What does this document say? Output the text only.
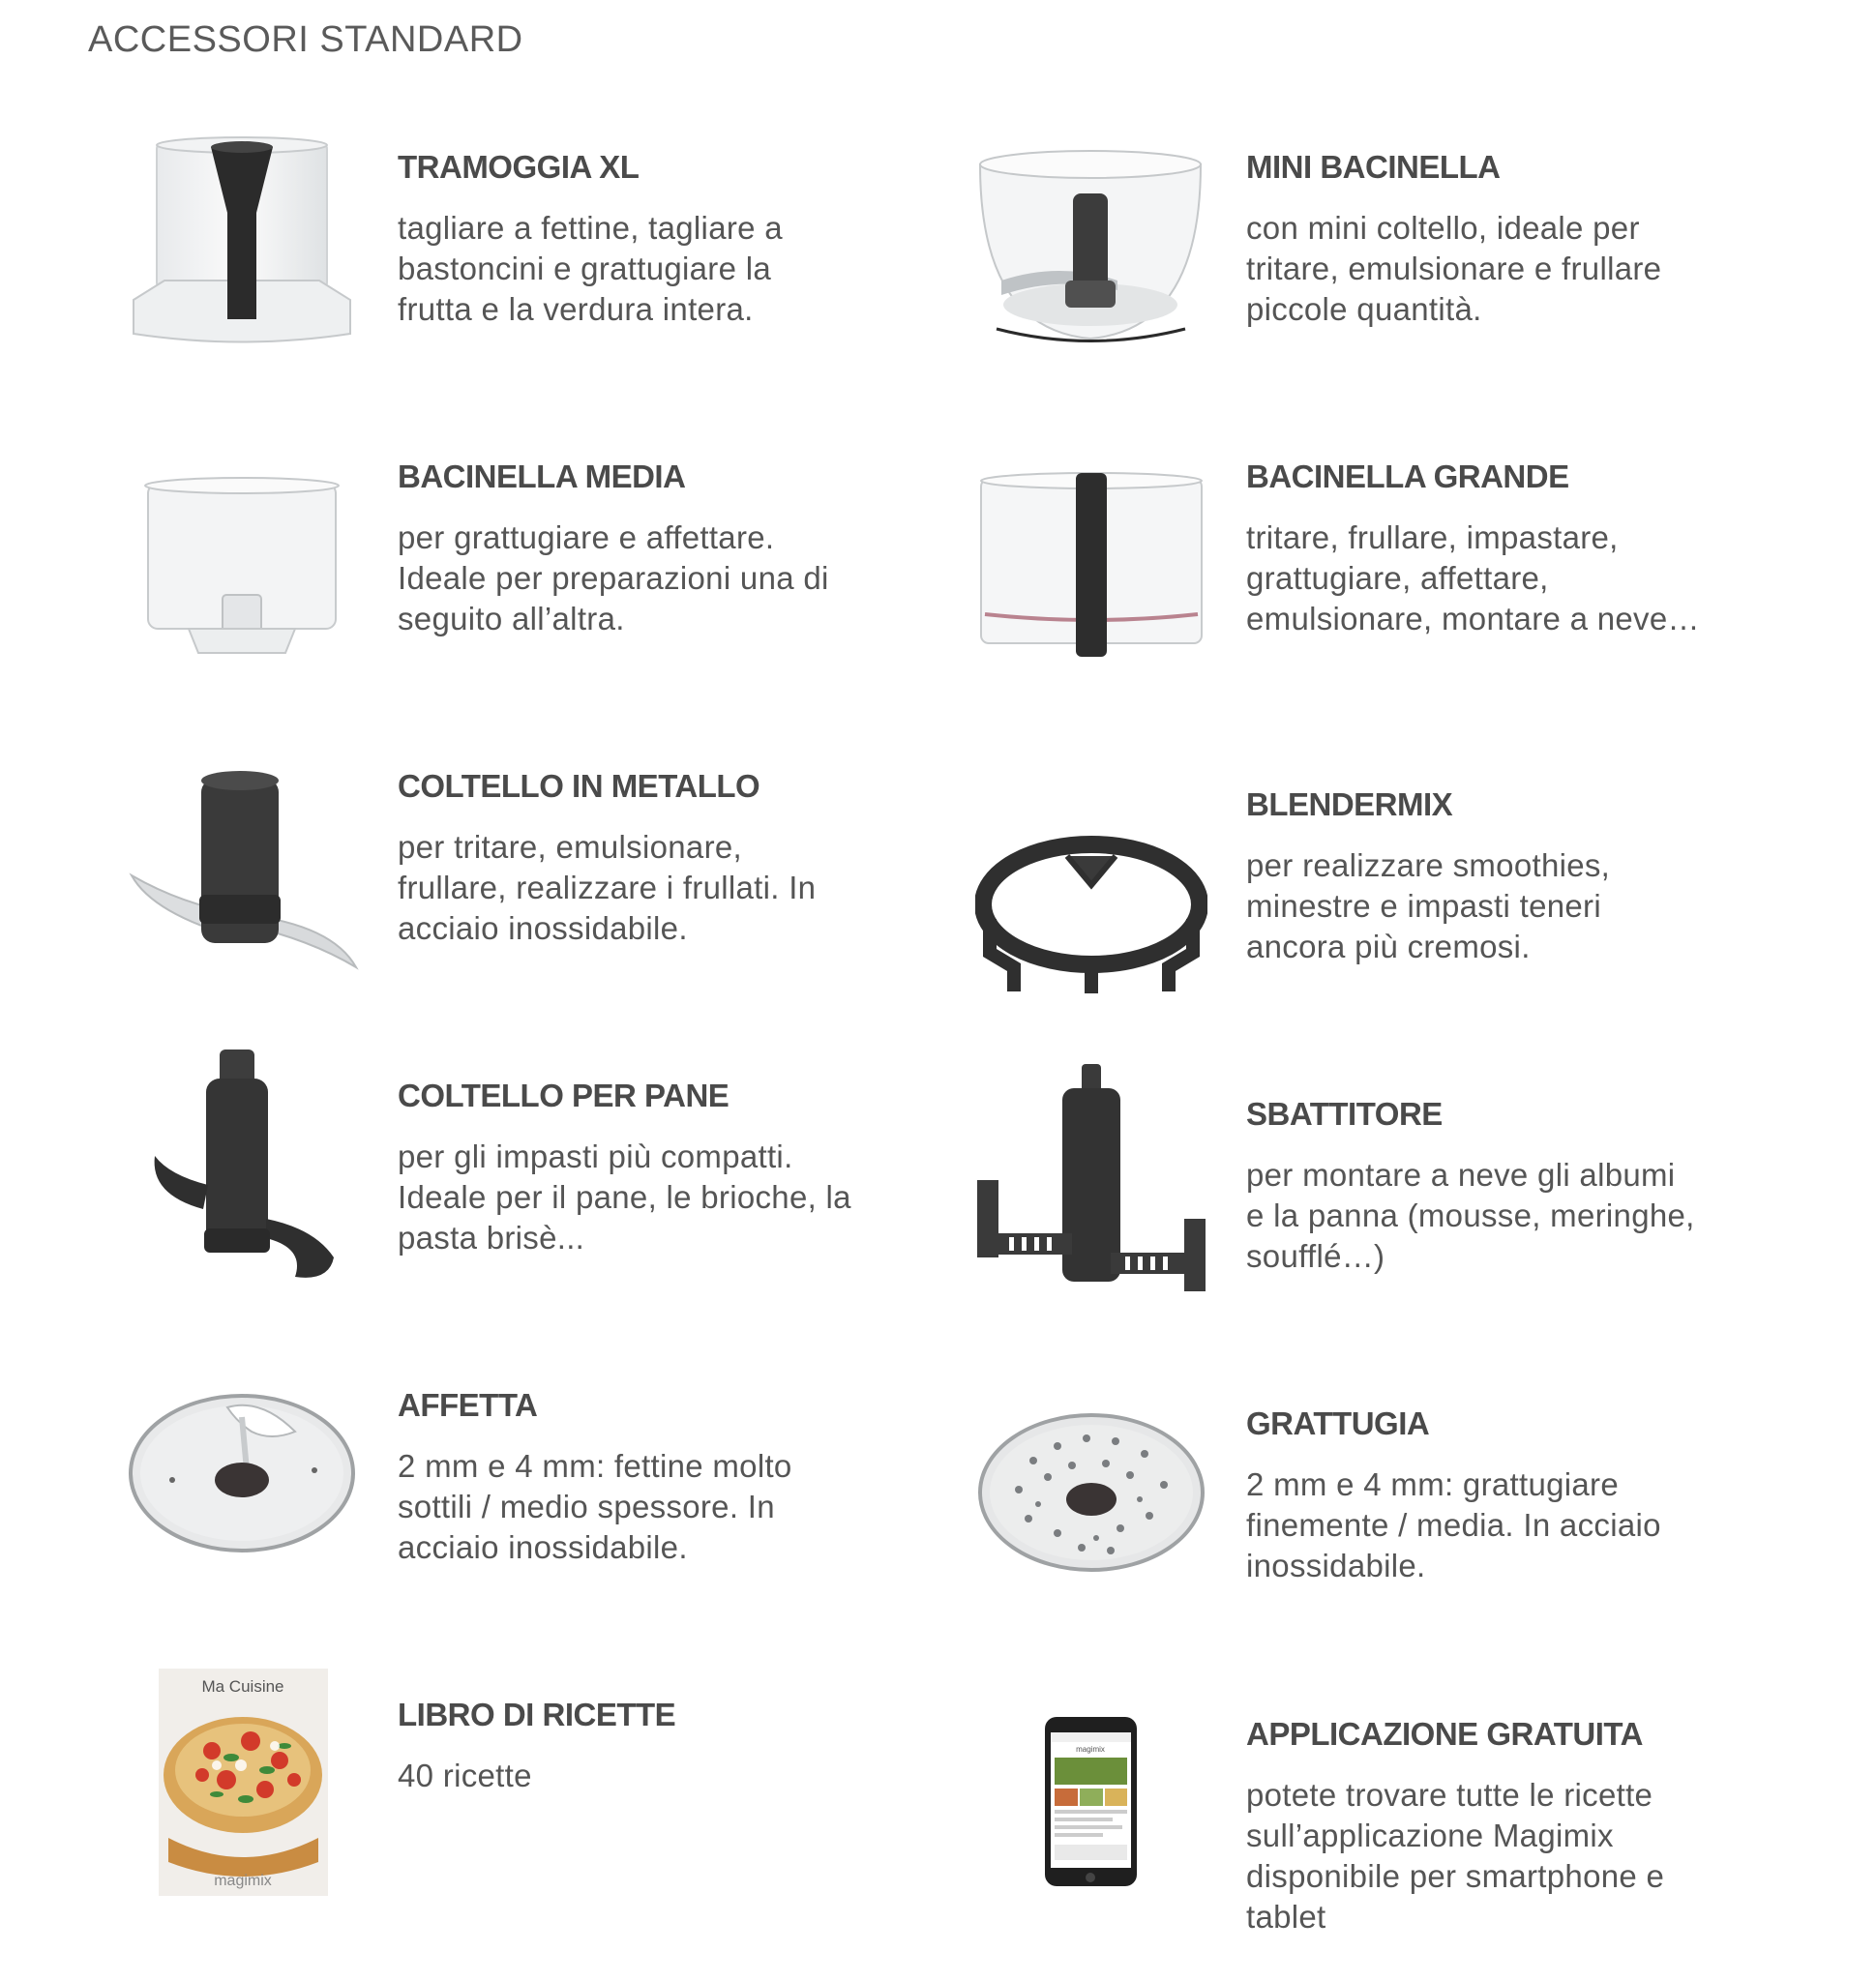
ACCESSORI STANDARD
TRAMOGGIA XL

tagliare a fettine, tagliare a bastoncini e grattugiare la frutta e la verdura intera.

MINI BACINELLA

con mini coltello, ideale per tritare, emulsionare e frullare piccole quantità.

BACINELLA MEDIA

per grattugiare e affettare. Ideale per preparazioni una di seguito all’altra.

BACINELLA GRANDE

tritare, frullare, impastare, grattugiare, affettare, emulsionare, montare a neve…

COLTELLO IN METALLO

per tritare, emulsionare, frullare, realizzare i frullati. In acciaio inossidabile.

BLENDERMIX

per realizzare smoothies, minestre e impasti teneri ancora più cremosi.

COLTELLO PER PANE

per gli impasti più compatti. Ideale per il pane, le brioche, la pasta brisè...

SBATTITORE

per montare a neve gli albumi e la panna (mousse, meringhe, soufflé…)

AFFETTA

2 mm e 4 mm: fettine molto sottili / medio spessore. In acciaio inossidabile.

GRATTUGIA

2 mm e 4 mm: grattugiare finemente / media. In acciaio inossidabile.

Ma Cuisine
magimix
LIBRO DI RICETTE

40 ricette

magimix	APPLICAZIONE GRATUITA

potete trovare tutte le ricette sull’applicazione Magimix disponibile per smartphone e tablet
